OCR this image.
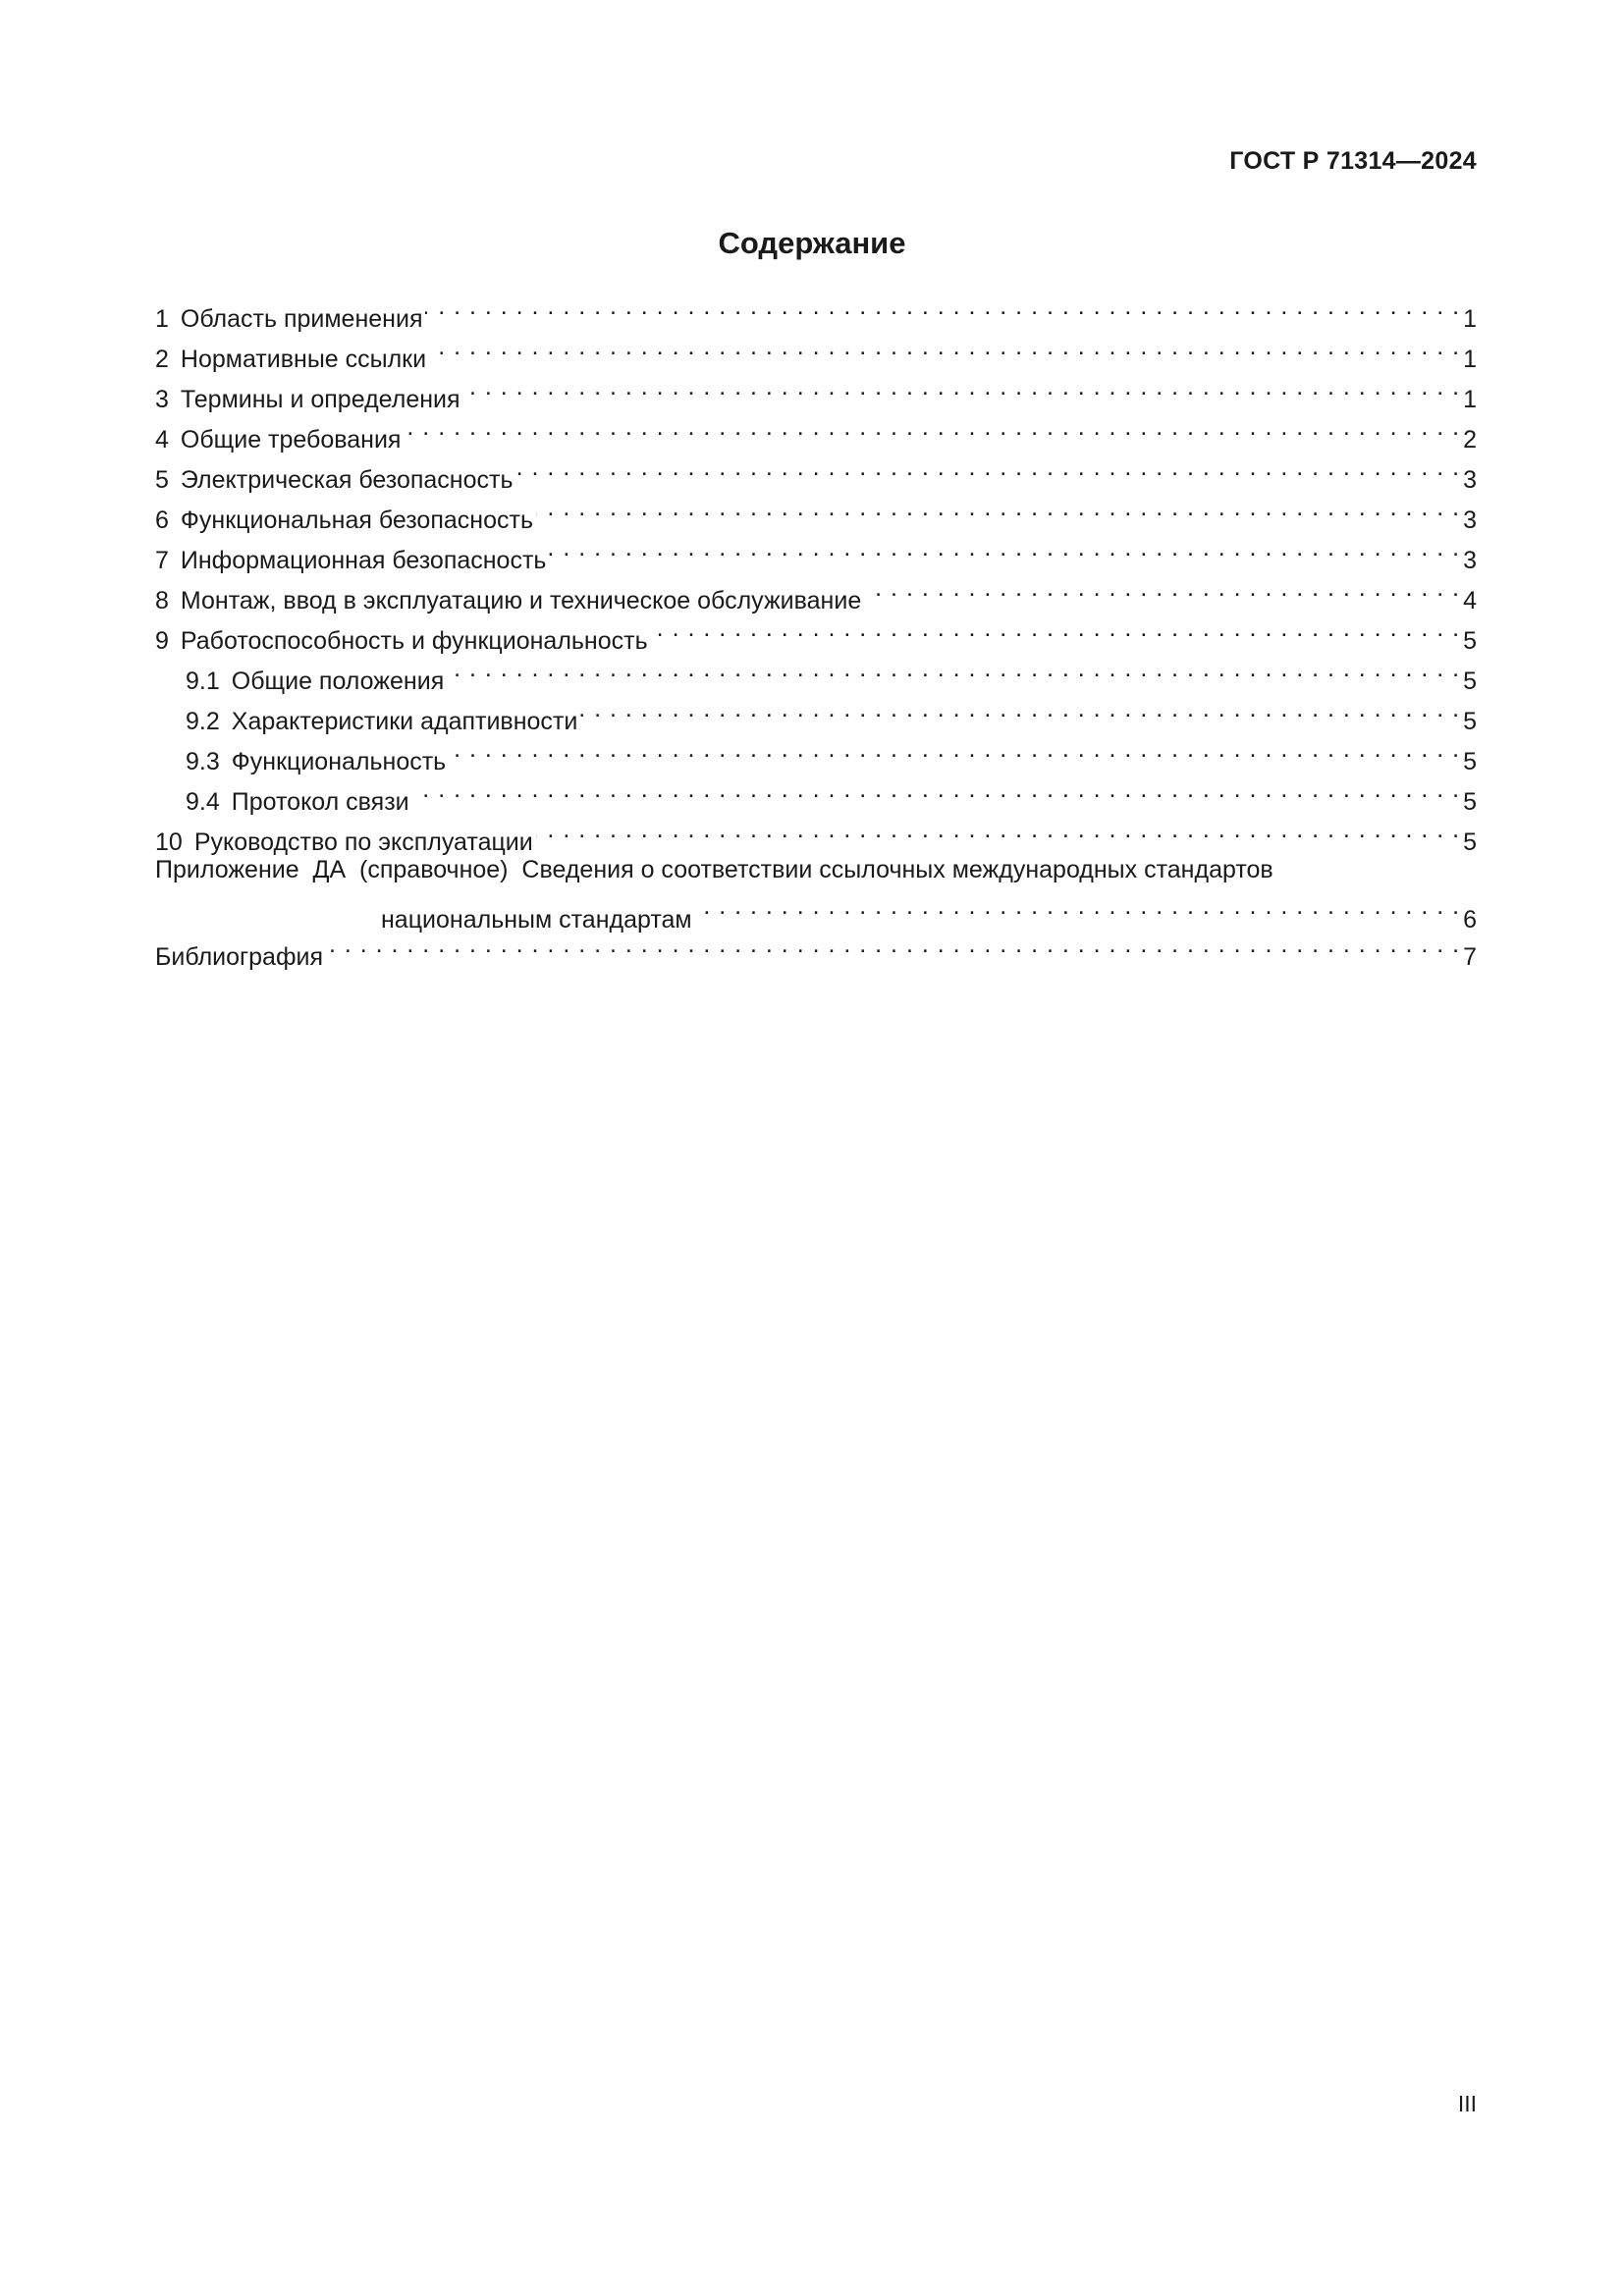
ГОСТ Р 71314—2024
Содержание
1 Область применения . . .	1
2 Нормативные ссылки . . .	1
3 Термины и определения . . .	1
4 Общие требования . . .	2
5 Электрическая безопасность . . .	3
6 Функциональная безопасность . . .	3
7 Информационная безопасность . . .	3
8 Монтаж, ввод в эксплуатацию и техническое обслуживание . . .	4
9 Работоспособность и функциональность . . .	5
9.1 Общие положения . . .	5
9.2 Характеристики адаптивности . . .	5
9.3 Функциональность . . .	5
9.4 Протокол связи . . .	5
10 Руководство по эксплуатации . . .	5
Приложение  ДА  (справочное) Сведения о соответствии ссылочных международных стандартов
национальным стандартам . . .	6
Библиография . . .	7
III
